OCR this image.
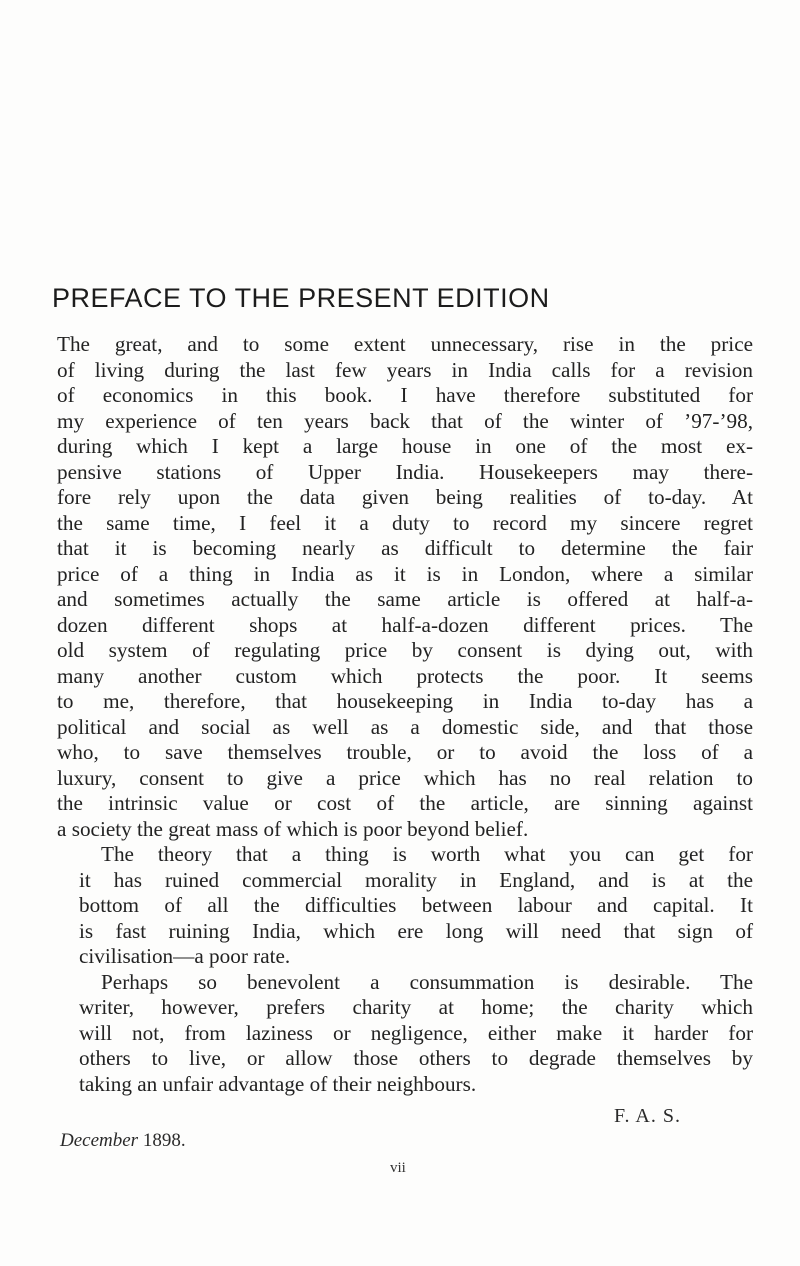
PREFACE TO THE PRESENT EDITION

The great, and to some extent unnecessary, rise in the price
of living during the last few years in India calls for a revision
of economics in this book. I have therefore substituted for
my experience of ten years back that of the winter of ’97-’98,
during which I kept a large house in one of the most ex-
pensive stations of Upper India. Housekeepers may there-
fore rely upon the data given being realities of to-day. At
the same time, I feel it a duty to record my sincere regret
that it is becoming nearly as difficult to determine the fair
price of a thing in India as it is in London, where a similar
and sometimes actually the same article is offered at half-a-
dozen different shops at half-a-dozen different prices. The
old system of regulating price by consent is dying out, with
many another custom which protects the poor. It seems
to me, therefore, that housekeeping in India to-day has a
political and social as well as a domestic side, and that those
who, to save themselves trouble, or to avoid the loss of a
luxury, consent to give a price which has no real relation to
the intrinsic value or cost of the article, are sinning against
a society the great mass of which is poor beyond belief.

The theory that a thing is worth what you can get for
it has ruined commercial morality in England, and is at the
bottom of all the difficulties between labour and capital. It
is fast ruining India, which ere long will need that sign of
civilisation—a poor rate.

Perhaps so benevolent a consummation is desirable. The
writer, however, prefers charity at home; the charity which
will not, from laziness or negligence, either make it harder for
others to live, or allow those others to degrade themselves by
taking an unfair advantage of their neighbours.

F. A. S.
December 1898.
vii
